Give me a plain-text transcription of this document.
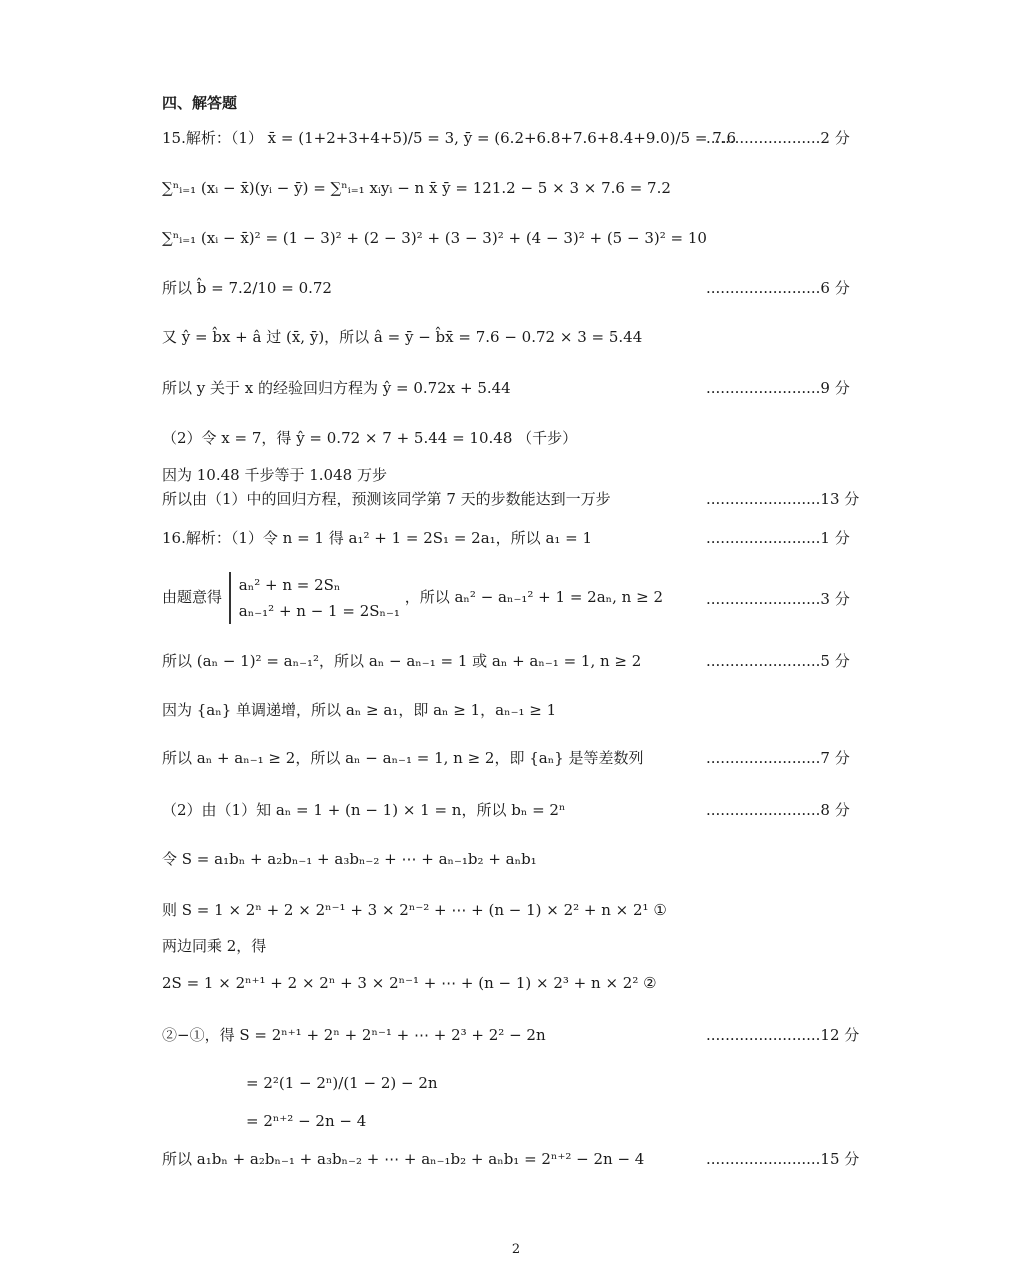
四、解答题
15.解析：（1） x̄ = (1+2+3+4+5)/5 = 3, ȳ = (6.2+6.8+7.6+8.4+9.0)/5 = 7.6
........................2 分
∑ⁿᵢ₌₁ (xᵢ − x̄)(yᵢ − ȳ) = ∑ⁿᵢ₌₁ xᵢyᵢ − n x̄ ȳ = 121.2 − 5 × 3 × 7.6 = 7.2
∑ⁿᵢ₌₁ (xᵢ − x̄)² = (1 − 3)² + (2 − 3)² + (3 − 3)² + (4 − 3)² + (5 − 3)² = 10
所以 b̂ = 7.2/10 = 0.72	........................6 分
又 ŷ = b̂x + â 过 (x̄, ȳ)，所以 â = ȳ − b̂x̄ = 7.6 − 0.72 × 3 = 5.44
所以 y 关于 x 的经验回归方程为 ŷ = 0.72x + 5.44	........................9 分
（2）令 x = 7，得 ŷ = 0.72 × 7 + 5.44 = 10.48 （千步）
因为 10.48 千步等于 1.048 万步
所以由（1）中的回归方程，预测该同学第 7 天的步数能达到一万步	........................13 分
16.解析：（1）令 n = 1 得 a₁² + 1 = 2S₁ = 2a₁，所以 a₁ = 1	........................1 分
由题意得
aₙ² + n = 2Sₙ
aₙ₋₁² + n − 1 = 2Sₙ₋₁
，所以 aₙ² − aₙ₋₁² + 1 = 2aₙ, n ≥ 2	........................3 分
所以 (aₙ − 1)² = aₙ₋₁²，所以 aₙ − aₙ₋₁ = 1 或 aₙ + aₙ₋₁ = 1, n ≥ 2	........................5 分
因为 {aₙ} 单调递增，所以 aₙ ≥ a₁，即 aₙ ≥ 1，aₙ₋₁ ≥ 1
所以 aₙ + aₙ₋₁ ≥ 2，所以 aₙ − aₙ₋₁ = 1, n ≥ 2，即 {aₙ} 是等差数列	........................7 分
（2）由（1）知 aₙ = 1 + (n − 1) × 1 = n，所以 bₙ = 2ⁿ	........................8 分
令 S = a₁bₙ + a₂bₙ₋₁ + a₃bₙ₋₂ + ⋯ + aₙ₋₁b₂ + aₙb₁
则 S = 1 × 2ⁿ + 2 × 2ⁿ⁻¹ + 3 × 2ⁿ⁻² + ⋯ + (n − 1) × 2² + n × 2¹ ①
两边同乘 2，得
2S = 1 × 2ⁿ⁺¹ + 2 × 2ⁿ + 3 × 2ⁿ⁻¹ + ⋯ + (n − 1) × 2³ + n × 2² ②
②−①，得 S = 2ⁿ⁺¹ + 2ⁿ + 2ⁿ⁻¹ + ⋯ + 2³ + 2² − 2n	........................12 分
= 2²(1 − 2ⁿ)/(1 − 2) − 2n
= 2ⁿ⁺² − 2n − 4
所以 a₁bₙ + a₂bₙ₋₁ + a₃bₙ₋₂ + ⋯ + aₙ₋₁b₂ + aₙb₁ = 2ⁿ⁺² − 2n − 4	........................15 分
2
